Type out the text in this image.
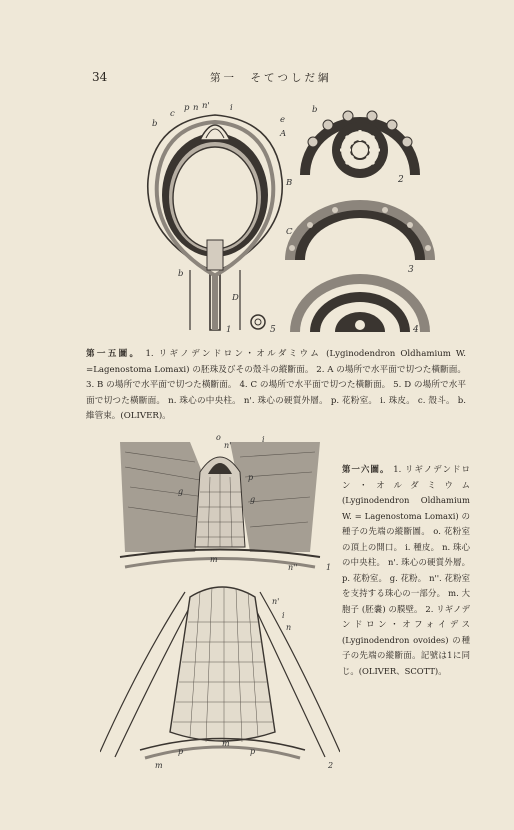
34	第一　そてつしだ綱
c
p n n' i
b	e
A
B
C
b
D
1
b
2
3
4
5
第一五圖。 1. リギノデンドロン・オルダミウム (Lyginodendron Oldhamium W. =Lagenostoma Lomaxi) の胚珠及びその殼斗の縱斷面。 2. A の場所で水平面で切つた橫斷面。 3. B の場所で水平面で切つた橫斷面。 4. C の場所で水平面で切つた橫斷面。 5. D の場所で水平面で切つた橫斷面。 n. 珠心の中央柱。 n'. 珠心の硬質外層。 p. 花粉室。 i. 珠皮。 c. 殼斗。 b. 維管束。(OLIVER)。
o
n'
i
g
g
p
m
n''	1
n'
i
n
p	p
m
m	2
第一六圖。 1. リギノデンドロン・オルダミウム (Lyginodendron Oldhamium W. = Lagenostoma Lomaxi) の種子の先端の縱斷圖。 o. 花粉室の頂上の開口。 i. 種皮。 n. 珠心の中央柱。 n'. 珠心の硬質外層。 p. 花粉室。 g. 花粉。 n''. 花粉室を支持する珠心の一部分。 m. 大胞子 (胚嚢) の膜壁。 2. リギノデンドロン・オフォイデス (Lyginodendron ovoides) の種子の先端の縱斷面。記號は1に同じ。(OLIVER、SCOTT)。
